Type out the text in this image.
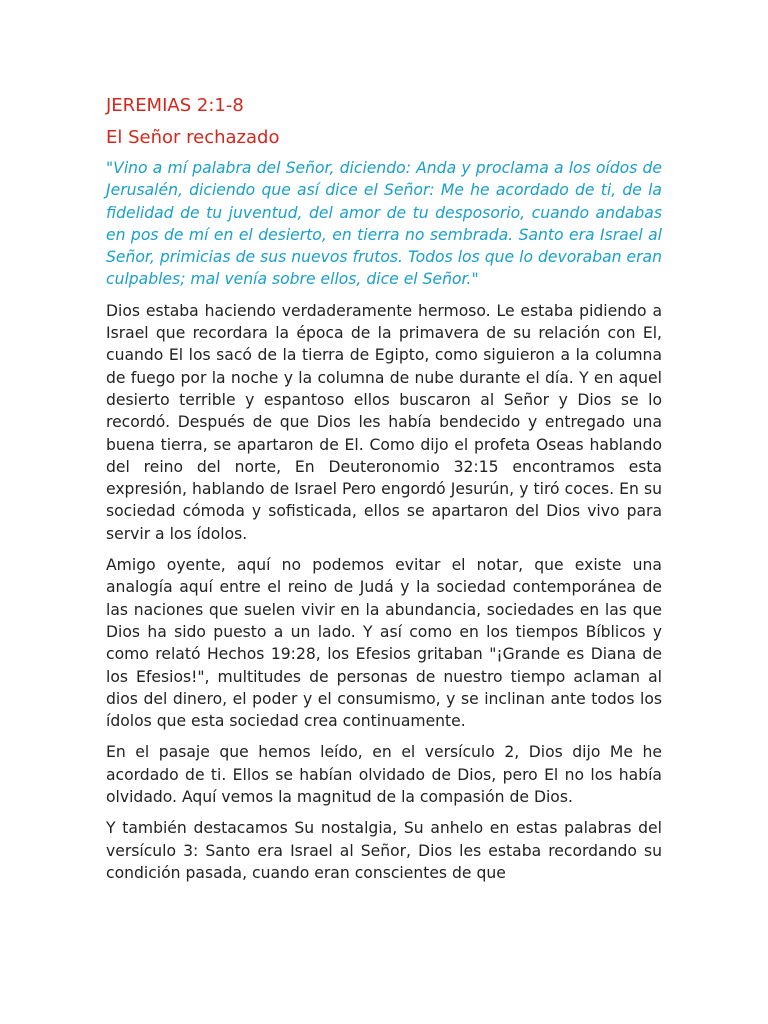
JEREMIAS 2:1-8
El Señor rechazado

"Vino a mí palabra del Señor, diciendo: Anda y proclama a los oídos de Jerusalén, diciendo que así dice el Señor: Me he acordado de ti, de la fidelidad de tu juventud, del amor de tu desposorio, cuando andabas en pos de mí en el desierto, en tierra no sembrada. Santo era Israel al Señor, primicias de sus nuevos frutos. Todos los que lo devoraban eran culpables; mal venía sobre ellos, dice el Señor."

Dios estaba haciendo verdaderamente hermoso. Le estaba pidiendo a Israel que recordara la época de la primavera de su relación con El, cuando El los sacó de la tierra de Egipto, como siguieron a la columna de fuego por la noche y la columna de nube durante el día. Y en aquel desierto terrible y espantoso ellos buscaron al Señor y Dios se lo recordó. Después de que Dios les había bendecido y entregado una buena tierra, se apartaron de El. Como dijo el profeta Oseas hablando del reino del norte, En Deuteronomio 32:15 encontramos esta expresión, hablando de Israel Pero engordó Jesurún, y tiró coces. En su sociedad cómoda y sofisticada, ellos se apartaron del Dios vivo para servir a los ídolos.

Amigo oyente, aquí no podemos evitar el notar, que existe una analogía aquí entre el reino de Judá y la sociedad contemporánea de las naciones que suelen vivir en la abundancia, sociedades en las que Dios ha sido puesto a un lado. Y así como en los tiempos Bíblicos y como relató Hechos 19:28, los Efesios gritaban "¡Grande es Diana de los Efesios!", multitudes de personas de nuestro tiempo aclaman al dios del dinero, el poder y el consumismo, y se inclinan ante todos los ídolos que esta sociedad crea continuamente.

En el pasaje que hemos leído, en el versículo 2, Dios dijo Me he acordado de ti. Ellos se habían olvidado de Dios, pero El no los había olvidado. Aquí vemos la magnitud de la compasión de Dios.

Y también destacamos Su nostalgia, Su anhelo en estas palabras del versículo 3: Santo era Israel al Señor, Dios les estaba recordando su condición pasada, cuando eran conscientes de que
